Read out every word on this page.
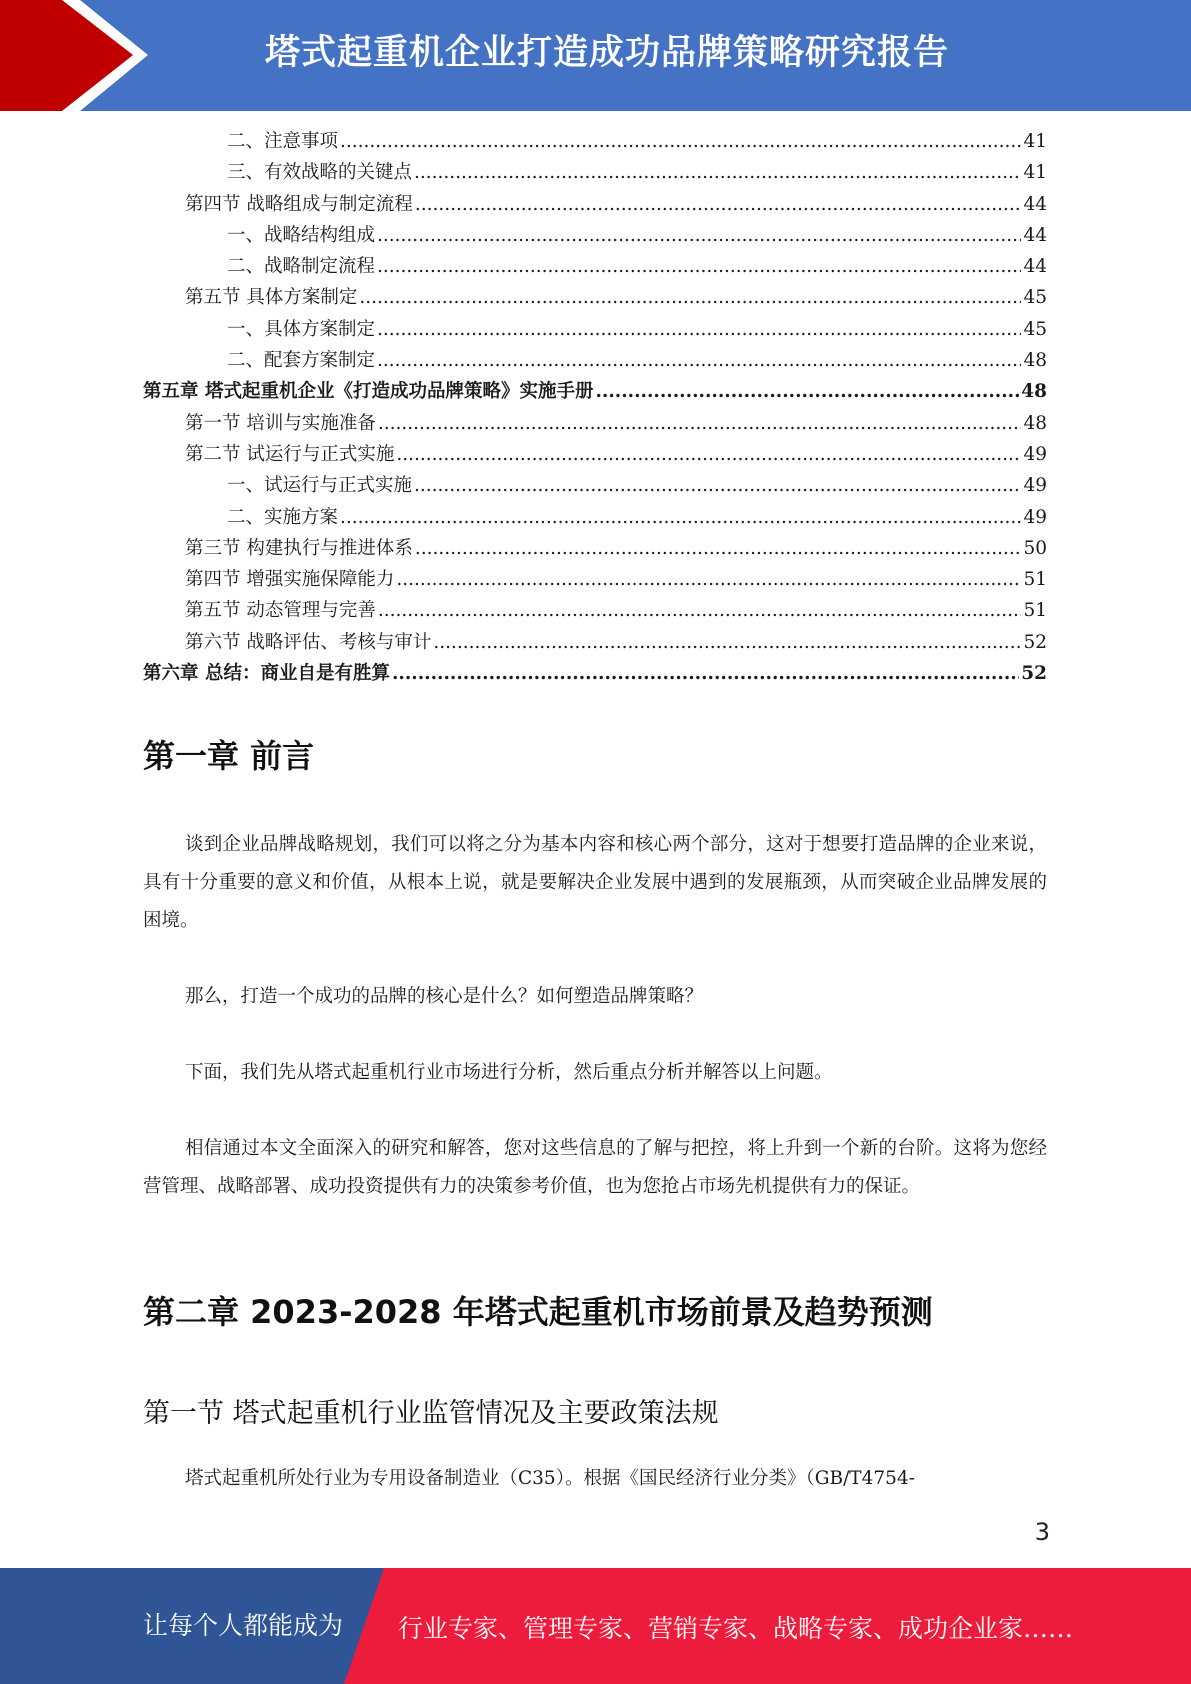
塔式起重机企业打造成功品牌策略研究报告
二、注意事项 .....	41
三、有效战略的关键点 .....	41
第四节 战略组成与制定流程 .....	44
一、战略结构组成 .....	44
二、战略制定流程 .....	44
第五节 具体方案制定 .....	45
一、具体方案制定 .....	45
二、配套方案制定 .....	48
第五章 塔式起重机企业《打造成功品牌策略》实施手册 .....	48
第一节 培训与实施准备 .....	48
第二节 试运行与正式实施 .....	49
一、试运行与正式实施 .....	49
二、实施方案 .....	49
第三节 构建执行与推进体系 .....	50
第四节 增强实施保障能力 .....	51
第五节 动态管理与完善 .....	51
第六节 战略评估、考核与审计 .....	52
第六章 总结：商业自是有胜算 .....	52
第一章 前言

谈到企业品牌战略规划，我们可以将之分为基本内容和核心两个部分，这对于想要打造品牌的企业来说，具有十分重要的意义和价值，从根本上说，就是要解决企业发展中遇到的发展瓶颈，从而突破企业品牌发展的困境。

那么，打造一个成功的品牌的核心是什么？如何塑造品牌策略？

下面，我们先从塔式起重机行业市场进行分析，然后重点分析并解答以上问题。

相信通过本文全面深入的研究和解答，您对这些信息的了解与把控，将上升到一个新的台阶。这将为您经营管理、战略部署、成功投资提供有力的决策参考价值，也为您抢占市场先机提供有力的保证。

第二章 2023-2028 年塔式起重机市场前景及趋势预测
第一节 塔式起重机行业监管情况及主要政策法规

塔式起重机所处行业为专用设备制造业（C35）。根据《国民经济行业分类》（GB/T4754-

3
让每个人都能成为 行业专家、管理专家、营销专家、战略专家、成功企业家……
